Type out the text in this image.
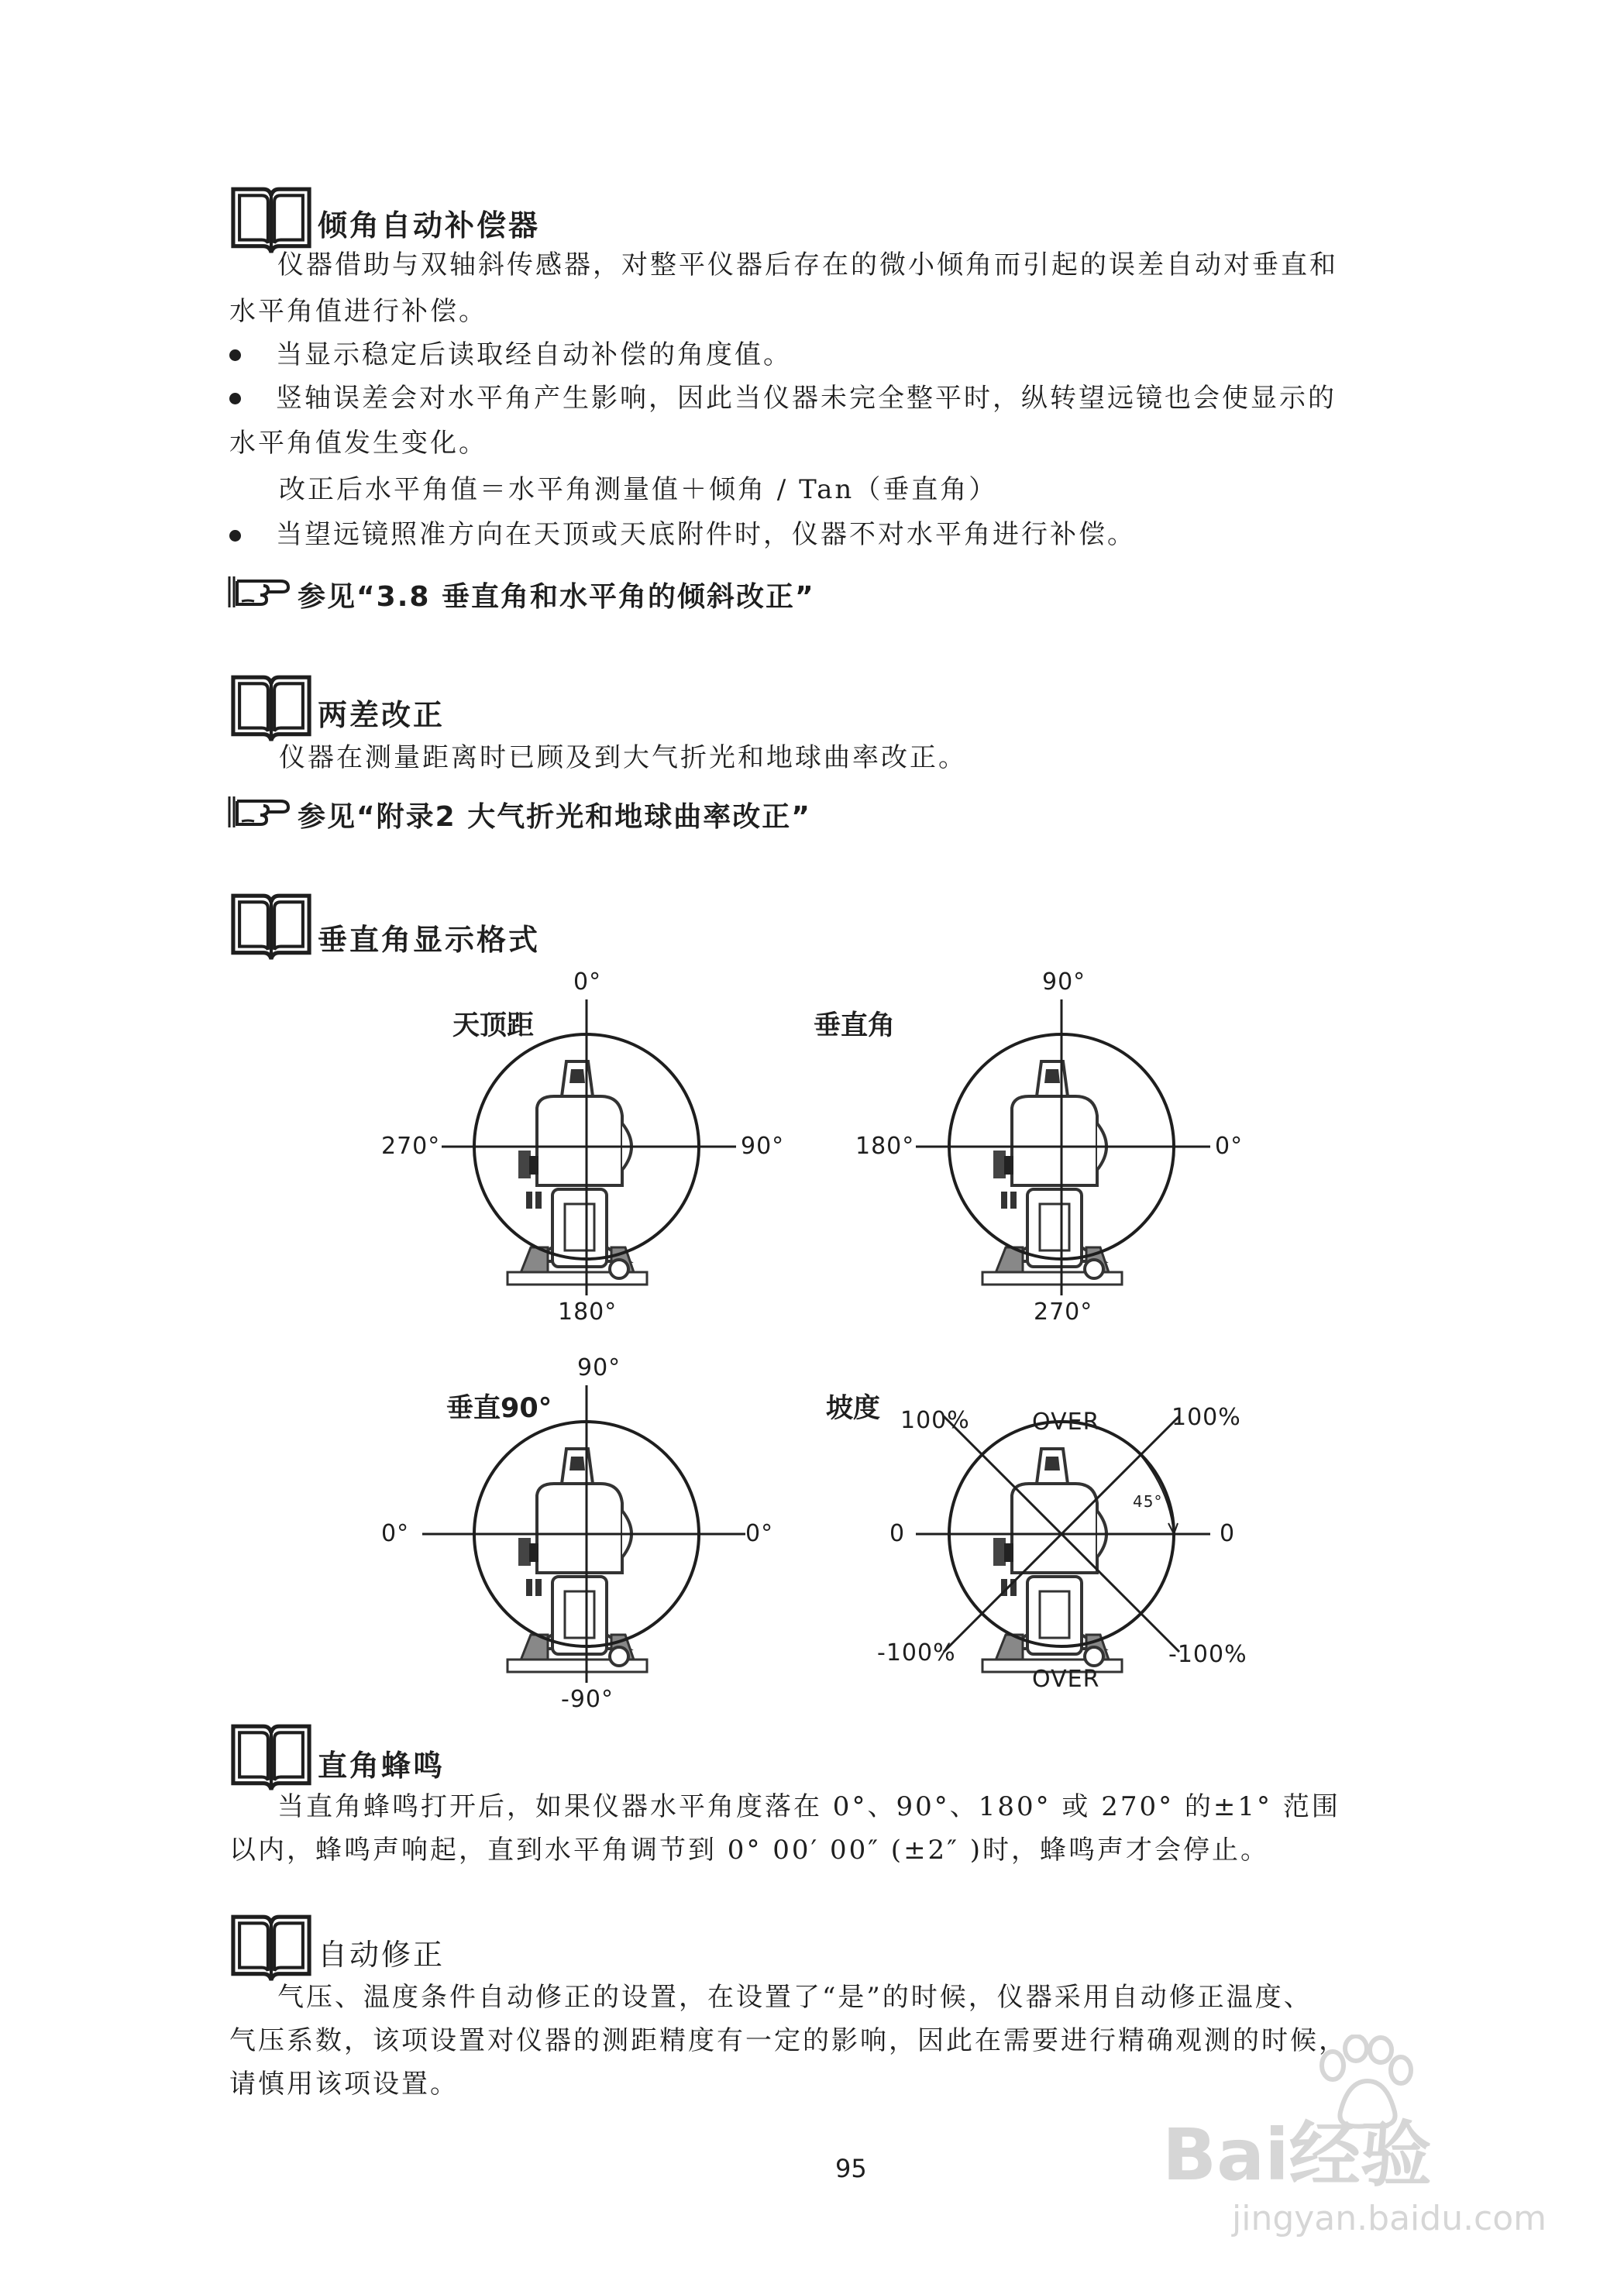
倾角自动补偿器
仪器借助与双轴斜传感器，对整平仪器后存在的微小倾角而引起的误差自动对垂直和
水平角值进行补偿。
当显示稳定后读取经自动补偿的角度值。
竖轴误差会对水平角产生影响，因此当仪器未完全整平时，纵转望远镜也会使显示的
水平角值发生变化。
改正后水平角值＝水平角测量值＋倾角 / Tan（垂直角）
当望远镜照准方向在天顶或天底附件时，仪器不对水平角进行补偿。
参见“3.8 垂直角和水平角的倾斜改正”
两差改正
仪器在测量距离时已顾及到大气折光和地球曲率改正。
参见“附录2 大气折光和地球曲率改正”
垂直角显示格式
天顶距
0°
90°
180°
270°
垂直角
90°
0°
270°
180°
垂直90°
90°
0°
-90°
0°
坡度 100%	OVER	100%
0	0
-100%
OVER
-100%
45°
直角蜂鸣
当直角蜂鸣打开后，如果仪器水平角度落在 0°、90°、180° 或 270° 的±1° 范围
以内，蜂鸣声响起，直到水平角调节到 0° 00′ 00″ (±2″ )时，蜂鸣声才会停止。
自动修正
气压、温度条件自动修正的设置，在设置了“是”的时候，仪器采用自动修正温度、
气压系数，该项设置对仪器的测距精度有一定的影响，因此在需要进行精确观测的时候，
请慎用该项设置。
95	Bai经验
jingyan.baidu.com
